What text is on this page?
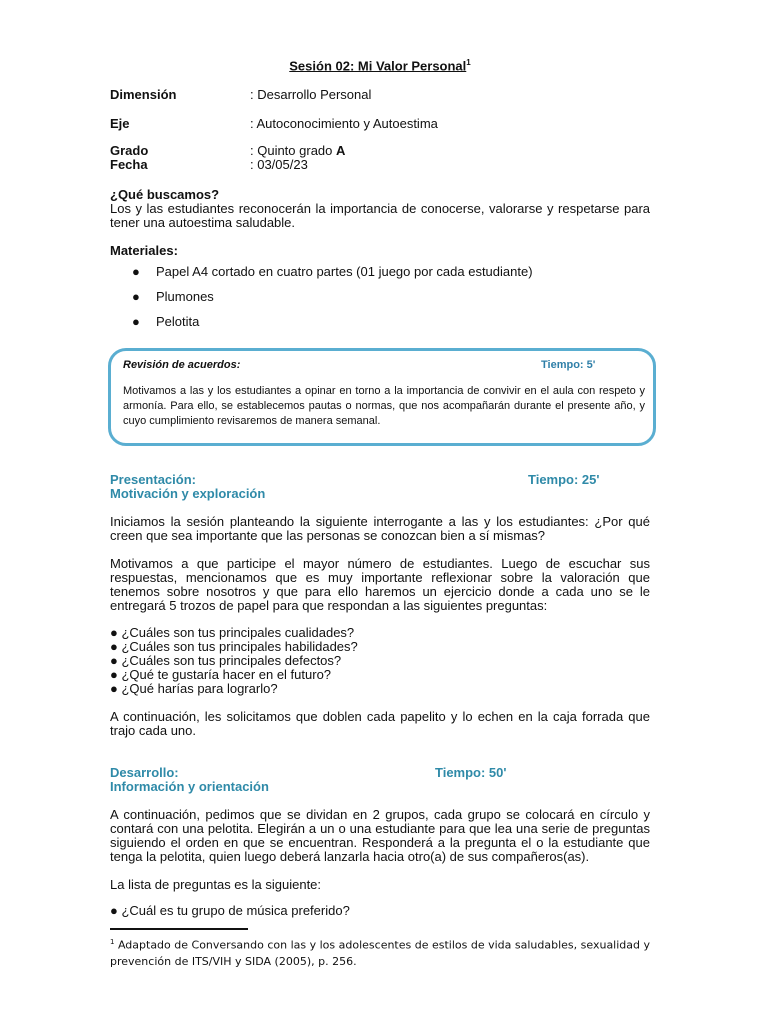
Sesión 02: Mi Valor Personal$^1$
Dimensión	: Desarrollo Personal
Eje	: Autoconocimiento y Autoestima
Grado	: Quinto grado A
Fecha	: 03/05/23
¿Qué buscamos?
Los y las estudiantes reconocerán la importancia de conocerse, valorarse y respetarse para tener una autoestima saludable.
Materiales:
● Papel A4 cortado en cuatro partes (01 juego por cada estudiante)
● Plumones
● Pelotita
Presentación:	Tiempo: 25'
Motivación y exploración
Iniciamos la sesión planteando la siguiente interrogante a las y los estudiantes: ¿Por qué creen que sea importante que las personas se conozcan bien a sí mismas?
Motivamos a que participe el mayor número de estudiantes. Luego de escuchar sus respuestas, mencionamos que es muy importante reflexionar sobre la valoración que tenemos sobre nosotros y que para ello haremos un ejercicio donde a cada uno se le entregará 5 trozos de papel para que respondan a las siguientes preguntas:
● ¿Cuáles son tus principales cualidades?
● ¿Cuáles son tus principales habilidades?
● ¿Cuáles son tus principales defectos?
● ¿Qué te gustaría hacer en el futuro?
● ¿Qué harías para lograrlo?
A continuación, les solicitamos que doblen cada papelito y lo echen en la caja forrada que trajo cada uno.
Desarrollo:	Tiempo: 50'
Información y orientación
A continuación, pedimos que se dividan en 2 grupos, cada grupo se colocará en círculo y contará con una pelotita. Elegirán a un o una estudiante para que lea una serie de preguntas siguiendo el orden en que se encuentran. Responderá a la pregunta el o la estudiante que tenga la pelotita, quien luego deberá lanzarla hacia otro(a) de sus compañeros(as).
La lista de preguntas es la siguiente:
● ¿Cuál es tu grupo de música preferido?
Revisión de acuerdos:	Tiempo: 5'
Motivamos a las y los estudiantes a opinar en torno a la importancia de convivir en el aula con respeto y armonía. Para ello, se establecemos pautas o normas, que nos acompañarán durante el presente año, y cuyo cumplimiento revisaremos de manera semanal.
$^1$ Adaptado de Conversando con las y los adolescentes de estilos de vida saludables, sexualidad y prevención de ITS/VIH y SIDA (2005), p. 256.
